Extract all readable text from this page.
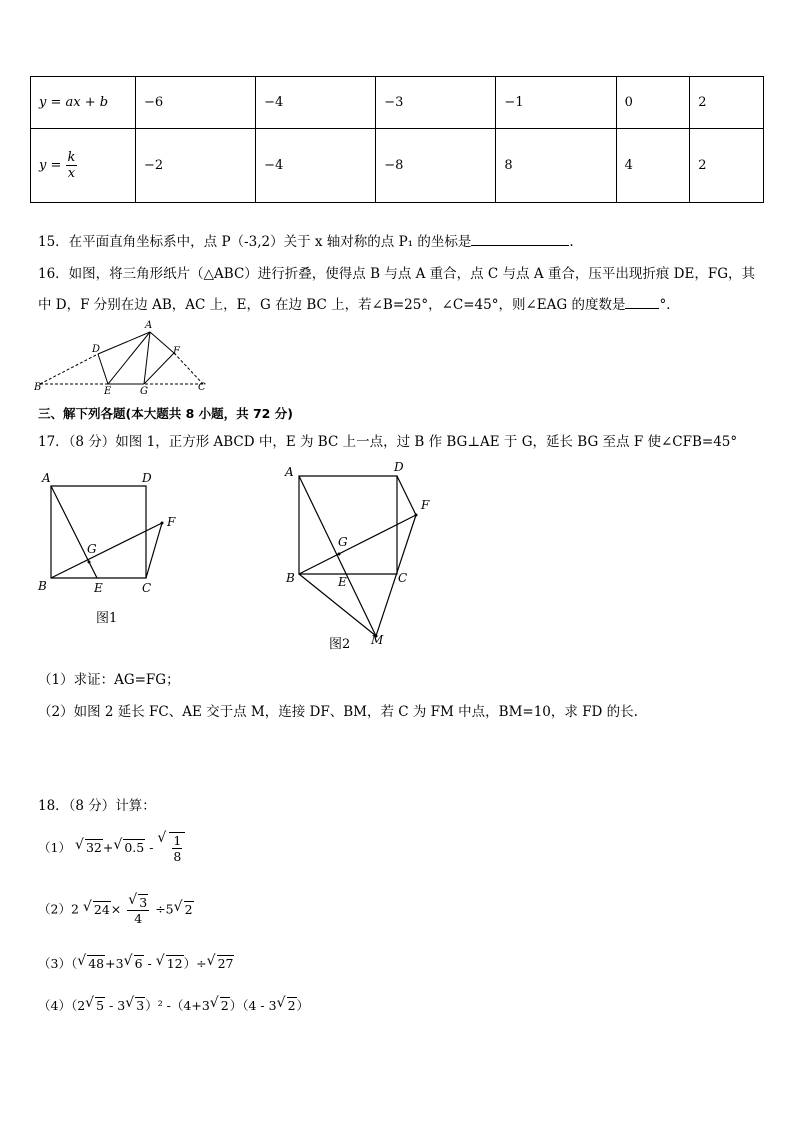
y = ax + b	−6	−4	−3	−1	0	2
$y = \frac{k}{x}$	−2	−4	−8	8	4	2
15．在平面直角坐标系中，点 P（-3,2）关于 x 轴对称的点 P₁ 的坐标是	.
16．如图，将三角形纸片（△ABC）进行折叠，使得点 B 与点 A 重合，点 C 与点 A 重合，压平出现折痕 DE，FG，其
中 D，F 分别在边 AB，AC 上，E，G 在边 BC 上，若∠B=25°，∠C=45°，则∠EAG 的度数是	°．
A
B	C
D
E
F
G
三、解下列各题(本大题共 8 小题，共 72 分)
17．（8 分）如图 1，正方形 ABCD 中，E 为 BC 上一点，过 B 作 BG⊥AE 于 G，延长 BG 至点 F 使∠CFB=45°
A	D
B	C
E
G
F
图1
A	D
F
G
B	E	C
M
图2
（1）求证：AG=FG；
（2）如图 2 延长 FC、AE 交于点 M，连接 DF、BM，若 C 为 FM 中点，BM=10，求 FD 的长.
18．（8 分）计算：
（1） √ 32+ √ 0.5 - √ $\frac{1}{8}$
（2）2 √ 24× √ $\frac{3}{4} \div 5$ √ 2
（3）（ √ 48+3 √ 6 - √ 12）÷ √ 27
（4）（2 √ 5 - 3 √ 3）² -（4+3 √ 2）（4 - 3 √ 2）
